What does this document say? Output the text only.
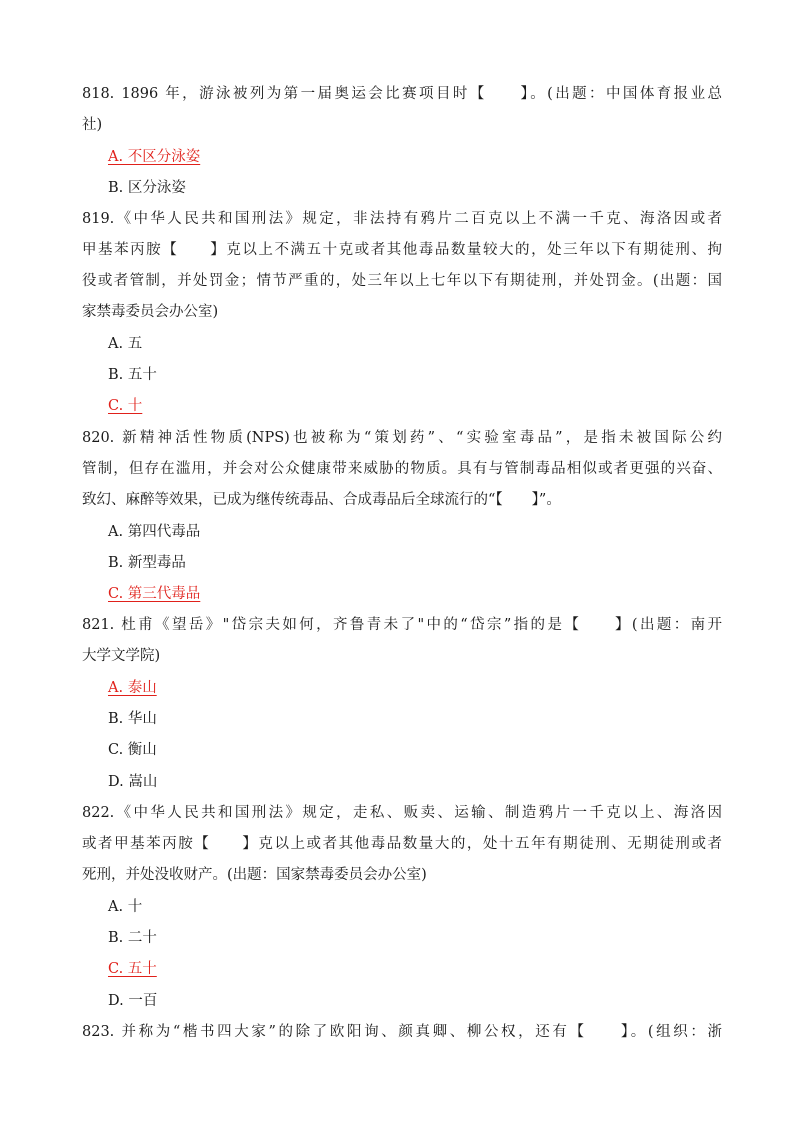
818. 1896 年，游泳被列为第一届奥运会比赛项目时【　　】。(出题：中国体育报业总
社)
A. 不区分泳姿
B. 区分泳姿
819.《中华人民共和国刑法》规定，非法持有鸦片二百克以上不满一千克、海洛因或者
甲基苯丙胺【　　】克以上不满五十克或者其他毒品数量较大的，处三年以下有期徒刑、拘
役或者管制，并处罚金；情节严重的，处三年以上七年以下有期徒刑，并处罚金。(出题：国
家禁毒委员会办公室)
A. 五
B. 五十
C. 十
820. 新精神活性物质(NPS)也被称为“策划药”、“实验室毒品”，是指未被国际公约
管制，但存在滥用，并会对公众健康带来威胁的物质。具有与管制毒品相似或者更强的兴奋、
致幻、麻醉等效果，已成为继传统毒品、合成毒品后全球流行的“【　　】”。
A. 第四代毒品
B. 新型毒品
C. 第三代毒品
821. 杜甫《望岳》"岱宗夫如何，齐鲁青未了"中的“岱宗”指的是【　　】(出题：南开
大学文学院)
A. 泰山
B. 华山
C. 衡山
D. 嵩山
822.《中华人民共和国刑法》规定，走私、贩卖、运输、制造鸦片一千克以上、海洛因
或者甲基苯丙胺【　　】克以上或者其他毒品数量大的，处十五年有期徒刑、无期徒刑或者
死刑，并处没收财产。(出题：国家禁毒委员会办公室)
A. 十
B. 二十
C. 五十
D. 一百
823. 并称为“楷书四大家”的除了欧阳询、颜真卿、柳公权，还有【　　】。(组织：浙
